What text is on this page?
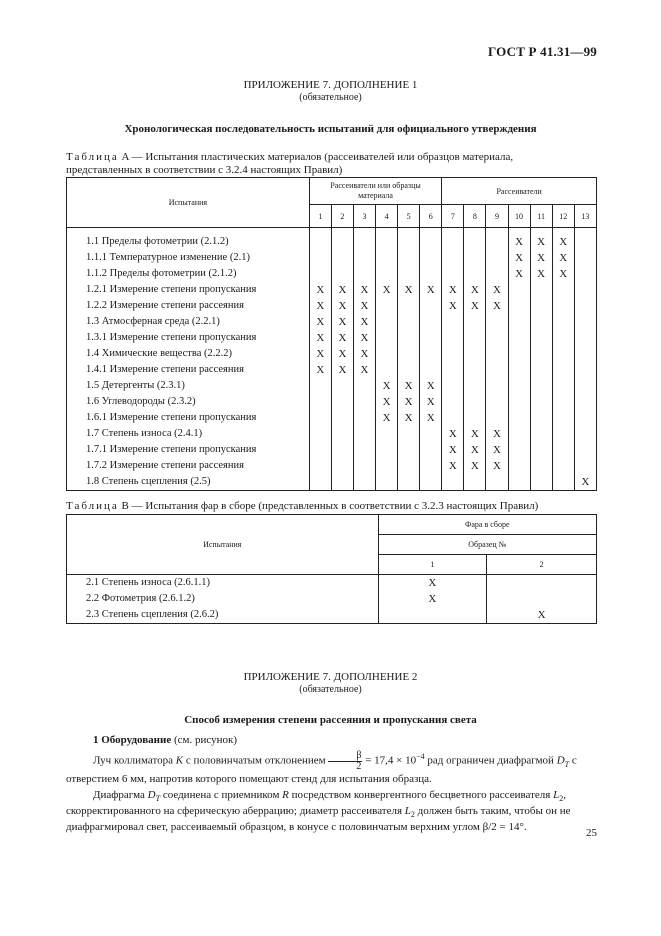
ГОСТ Р 41.31—99
ПРИЛОЖЕНИЕ 7. ДОПОЛНЕНИЕ 1
(обязательное)
Хронологическая последовательность испытаний для официального утверждения
Таблица A — Испытания пластических материалов (рассеивателей или образцов материала,
представленных в соответствии с 3.2.4 настоящих Правил)
Испытания	Рассеиватели или образцы материала						Рассеиватели						
	1	2	3	4	5	6	7	8	9	10	11	12	13

1.1 Пределы фотометрии (2.1.2)										X	X	X	
1.1.1 Температурное изменение (2.1)										X	X	X	
1.1.2 Пределы фотометрии (2.1.2)										X	X	X	
1.2.1 Измерение степени пропускания	X	X	X	X	X	X	X	X	X				
1.2.2 Измерение степени рассеяния	X	X	X				X	X	X				
1.3 Атмосферная среда (2.2.1)	X	X	X										
1.3.1 Измерение степени пропускания	X	X	X										
1.4 Химические вещества (2.2.2)	X	X	X										
1.4.1 Измерение степени рассеяния	X	X	X										
1.5 Детергенты (2.3.1)				X	X	X							
1.6 Углеводороды (2.3.2)				X	X	X							
1.6.1 Измерение степени пропускания				X	X	X							
1.7 Степень износа (2.4.1)							X	X	X				
1.7.1 Измерение степени пропускания							X	X	X				
1.7.2 Измерение степени рассеяния							X	X	X				
1.8 Степень сцепления (2.5)													X
Таблица B — Испытания фар в сборе (представленных в соответствии с 3.2.3 настоящих Правил)
Испытания	Фара в сборе	
	Образец №	
	1	2
2.1 Степень износа (2.6.1.1)	X	
2.2 Фотометрия (2.6.1.2)	X	
2.3 Степень сцепления (2.6.2)		X
ПРИЛОЖЕНИЕ 7. ДОПОЛНЕНИЕ 2
(обязательное)
Способ измерения степени рассеяния и пропускания света
1 Оборудование (см. рисунок)
Луч коллиматора K с половинчатым отклонением $\frac{\beta}{2} = 17,4 \times 10^{-4}$ рад ограничен диафрагмой $D_T$ с
отверстием 6 мм, напротив которого помещают стенд для испытания образца.
Диафрагма $D_T$ соединена с приемником R посредством конвергентного бесцветного рассеивателя $L_2$,
скорректированного на сферическую аберрацию; диаметр рассеивателя $L_2$ должен быть таким, чтобы он не
диафрагмировал свет, рассеиваемый образцом, в конусе с половинчатым верхним углом β/2 = 14°.	25
